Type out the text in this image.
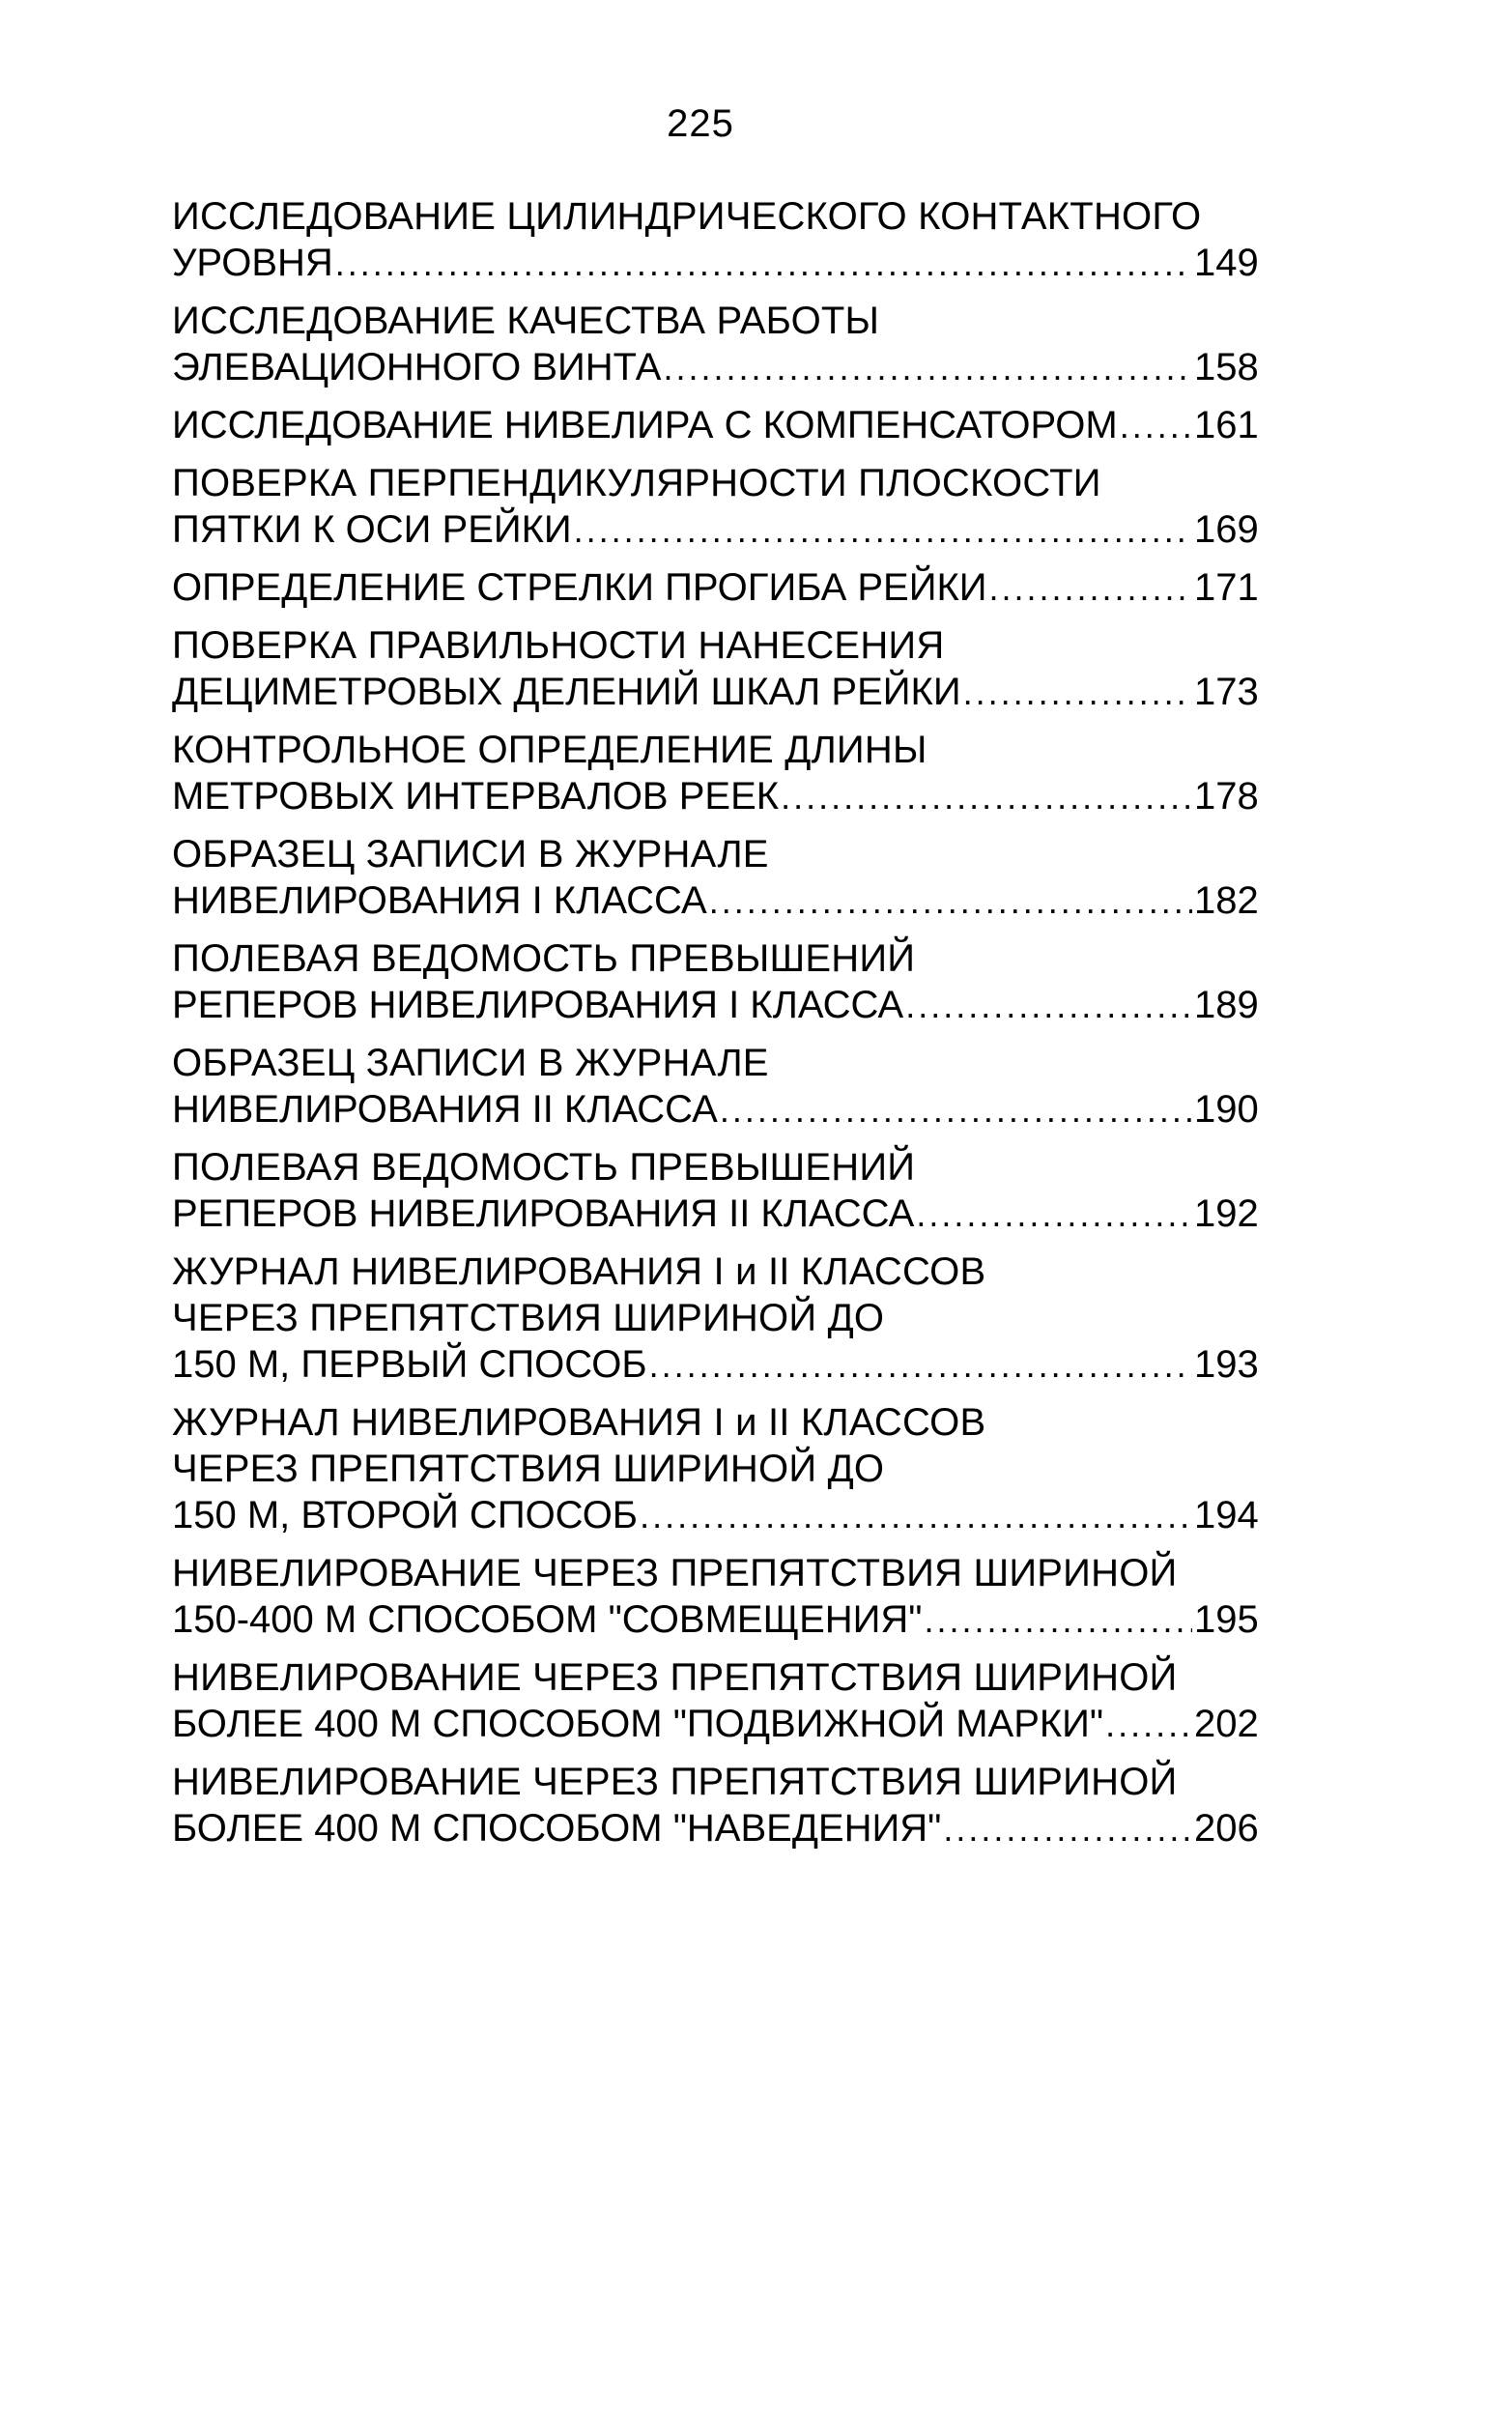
225
ИССЛЕДОВАНИЕ ЦИЛИНДРИЧЕСКОГО КОНТАКТНОГО
УРОВНЯ .....	149
ИССЛЕДОВАНИЕ КАЧЕСТВА РАБОТЫ
ЭЛЕВАЦИОННОГО ВИНТА .....	158
ИССЛЕДОВАНИЕ НИВЕЛИРА С КОМПЕНСАТОРОМ ..... 161
ПОВЕРКА ПЕРПЕНДИКУЛЯРНОСТИ ПЛОСКОСТИ
ПЯТКИ К ОСИ РЕЙКИ .....	169
ОПРЕДЕЛЕНИЕ СТРЕЛКИ ПРОГИБА РЕЙКИ .....	171
ПОВЕРКА ПРАВИЛЬНОСТИ НАНЕСЕНИЯ
ДЕЦИМЕТРОВЫХ ДЕЛЕНИЙ ШКАЛ РЕЙКИ .....	173
КОНТРОЛЬНОЕ ОПРЕДЕЛЕНИЕ ДЛИНЫ
МЕТРОВЫХ ИНТЕРВАЛОВ РЕЕК .....	178
ОБРАЗЕЦ ЗАПИСИ В ЖУРНАЛЕ
НИВЕЛИРОВАНИЯ I КЛАССА .....	182
ПОЛЕВАЯ ВЕДОМОСТЬ ПРЕВЫШЕНИЙ
РЕПЕРОВ НИВЕЛИРОВАНИЯ I КЛАССА .....	189
ОБРАЗЕЦ ЗАПИСИ В ЖУРНАЛЕ
НИВЕЛИРОВАНИЯ II КЛАССА .....	190
ПОЛЕВАЯ ВЕДОМОСТЬ ПРЕВЫШЕНИЙ
РЕПЕРОВ НИВЕЛИРОВАНИЯ II КЛАССА .....	192
ЖУРНАЛ НИВЕЛИРОВАНИЯ I и II КЛАССОВ
ЧЕРЕЗ ПРЕПЯТСТВИЯ ШИРИНОЙ ДО
150 М, ПЕРВЫЙ СПОСОБ .....	193
ЖУРНАЛ НИВЕЛИРОВАНИЯ I и II КЛАССОВ
ЧЕРЕЗ ПРЕПЯТСТВИЯ ШИРИНОЙ ДО
150 М, ВТОРОЙ СПОСОБ .....	194
НИВЕЛИРОВАНИЕ ЧЕРЕЗ ПРЕПЯТСТВИЯ ШИРИНОЙ
150-400 М СПОСОБОМ "СОВМЕЩЕНИЯ" .....	195
НИВЕЛИРОВАНИЕ ЧЕРЕЗ ПРЕПЯТСТВИЯ ШИРИНОЙ
БОЛЕЕ 400 М СПОСОБОМ "ПОДВИЖНОЙ МАРКИ" ..... 202
НИВЕЛИРОВАНИЕ ЧЕРЕЗ ПРЕПЯТСТВИЯ ШИРИНОЙ
БОЛЕЕ 400 М СПОСОБОМ "НАВЕДЕНИЯ" .....	206
